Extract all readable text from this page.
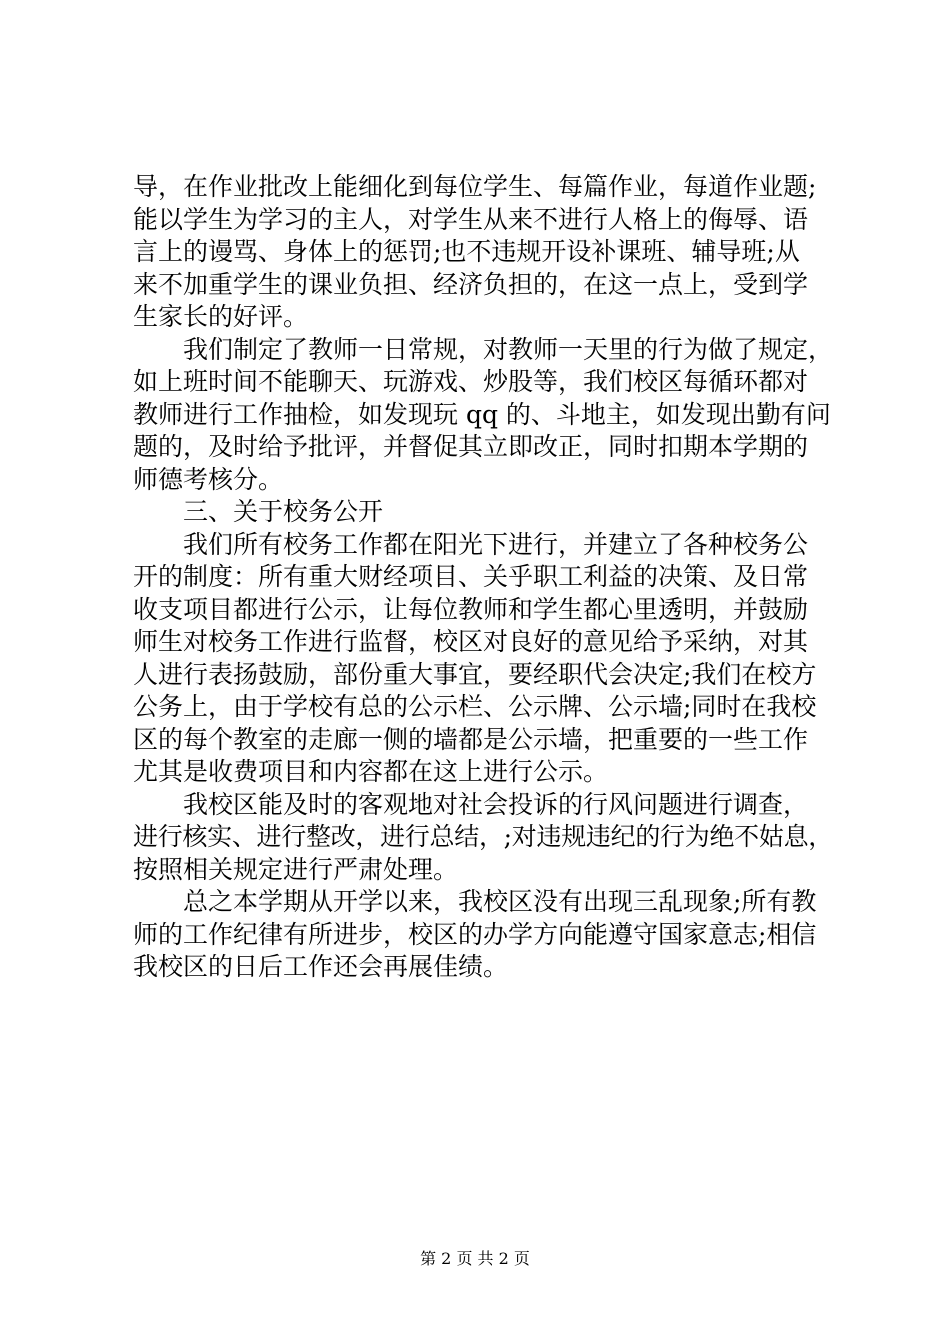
导，在作业批改上能细化到每位学生、每篇作业，每道作业题;
能以学生为学习的主人，对学生从来不进行人格上的侮辱、语
言上的谩骂、身体上的惩罚;也不违规开设补课班、辅导班;从
来不加重学生的课业负担、经济负担的，在这一点上，受到学
生家长的好评。
我们制定了教师一日常规，对教师一天里的行为做了规定，
如上班时间不能聊天、玩游戏、炒股等，我们校区每循环都对
教师进行工作抽检，如发现玩 qq 的、斗地主，如发现出勤有问
题的，及时给予批评，并督促其立即改正，同时扣期本学期的
师德考核分。
三、关于校务公开
我们所有校务工作都在阳光下进行，并建立了各种校务公
开的制度：所有重大财经项目、关乎职工利益的决策、及日常
收支项目都进行公示，让每位教师和学生都心里透明，并鼓励
师生对校务工作进行监督，校区对良好的意见给予采纳，对其
人进行表扬鼓励，部份重大事宜，要经职代会决定;我们在校方
公务上，由于学校有总的公示栏、公示牌、公示墙;同时在我校
区的每个教室的走廊一侧的墙都是公示墙，把重要的一些工作
尤其是收费项目和内容都在这上进行公示。
我校区能及时的客观地对社会投诉的行风问题进行调查，
进行核实、进行整改，进行总结，;对违规违纪的行为绝不姑息，
按照相关规定进行严肃处理。
总之本学期从开学以来，我校区没有出现三乱现象;所有教
师的工作纪律有所进步，校区的办学方向能遵守国家意志;相信
我校区的日后工作还会再展佳绩。
第 2 页 共 2 页
